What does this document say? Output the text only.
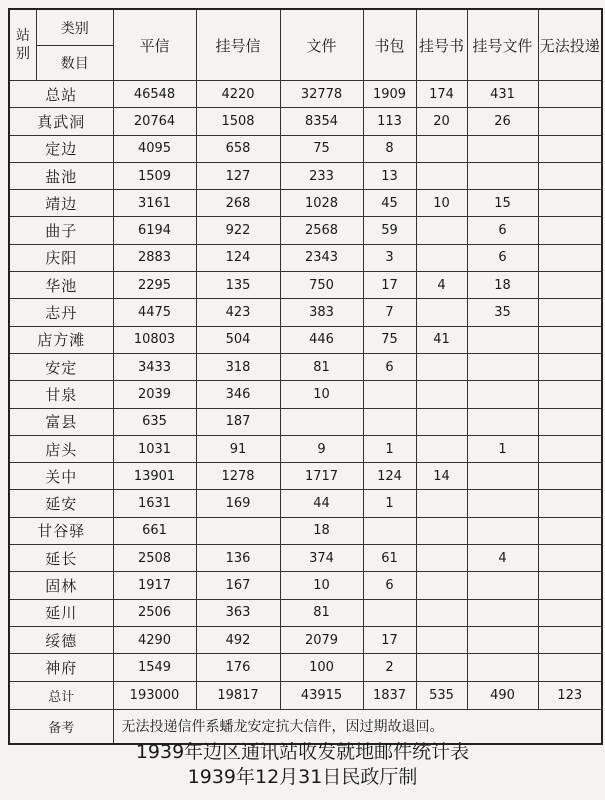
站别
类别
数目	平信	挂号信	文件	书包	挂号书	挂号文件	无法投递
总站	46548	4220	32778	1909	174	431	
真武洞	20764	1508	8354	113	20	26	
定边	4095	658	75	8			
盐池	1509	127	233	13			
靖边	3161	268	1028	45	10	15	
曲子	6194	922	2568	59		6	
庆阳	2883	124	2343	3		6	
华池	2295	135	750	17	4	18	
志丹	4475	423	383	7		35	
店方滩	10803	504	446	75	41		
安定	3433	318	81	6			
甘泉	2039	346	10				
富县	635	187					
店头	1031	91	9	1		1	
关中	13901	1278	1717	124	14		
延安	1631	169	44	1			
甘谷驿	661		18				
延长	2508	136	374	61		4	
固林	1917	167	10	6			
延川	2506	363	81				
绥德	4290	492	2079	17			
神府	1549	176	100	2			
总计	193000	19817	43915	1837	535	490	123
备考	无法投递信件系蟠龙安定抗大信件，因过期故退回。						
1939年边区通讯站收发就地邮件统计表
1939年12月31日民政厅制
